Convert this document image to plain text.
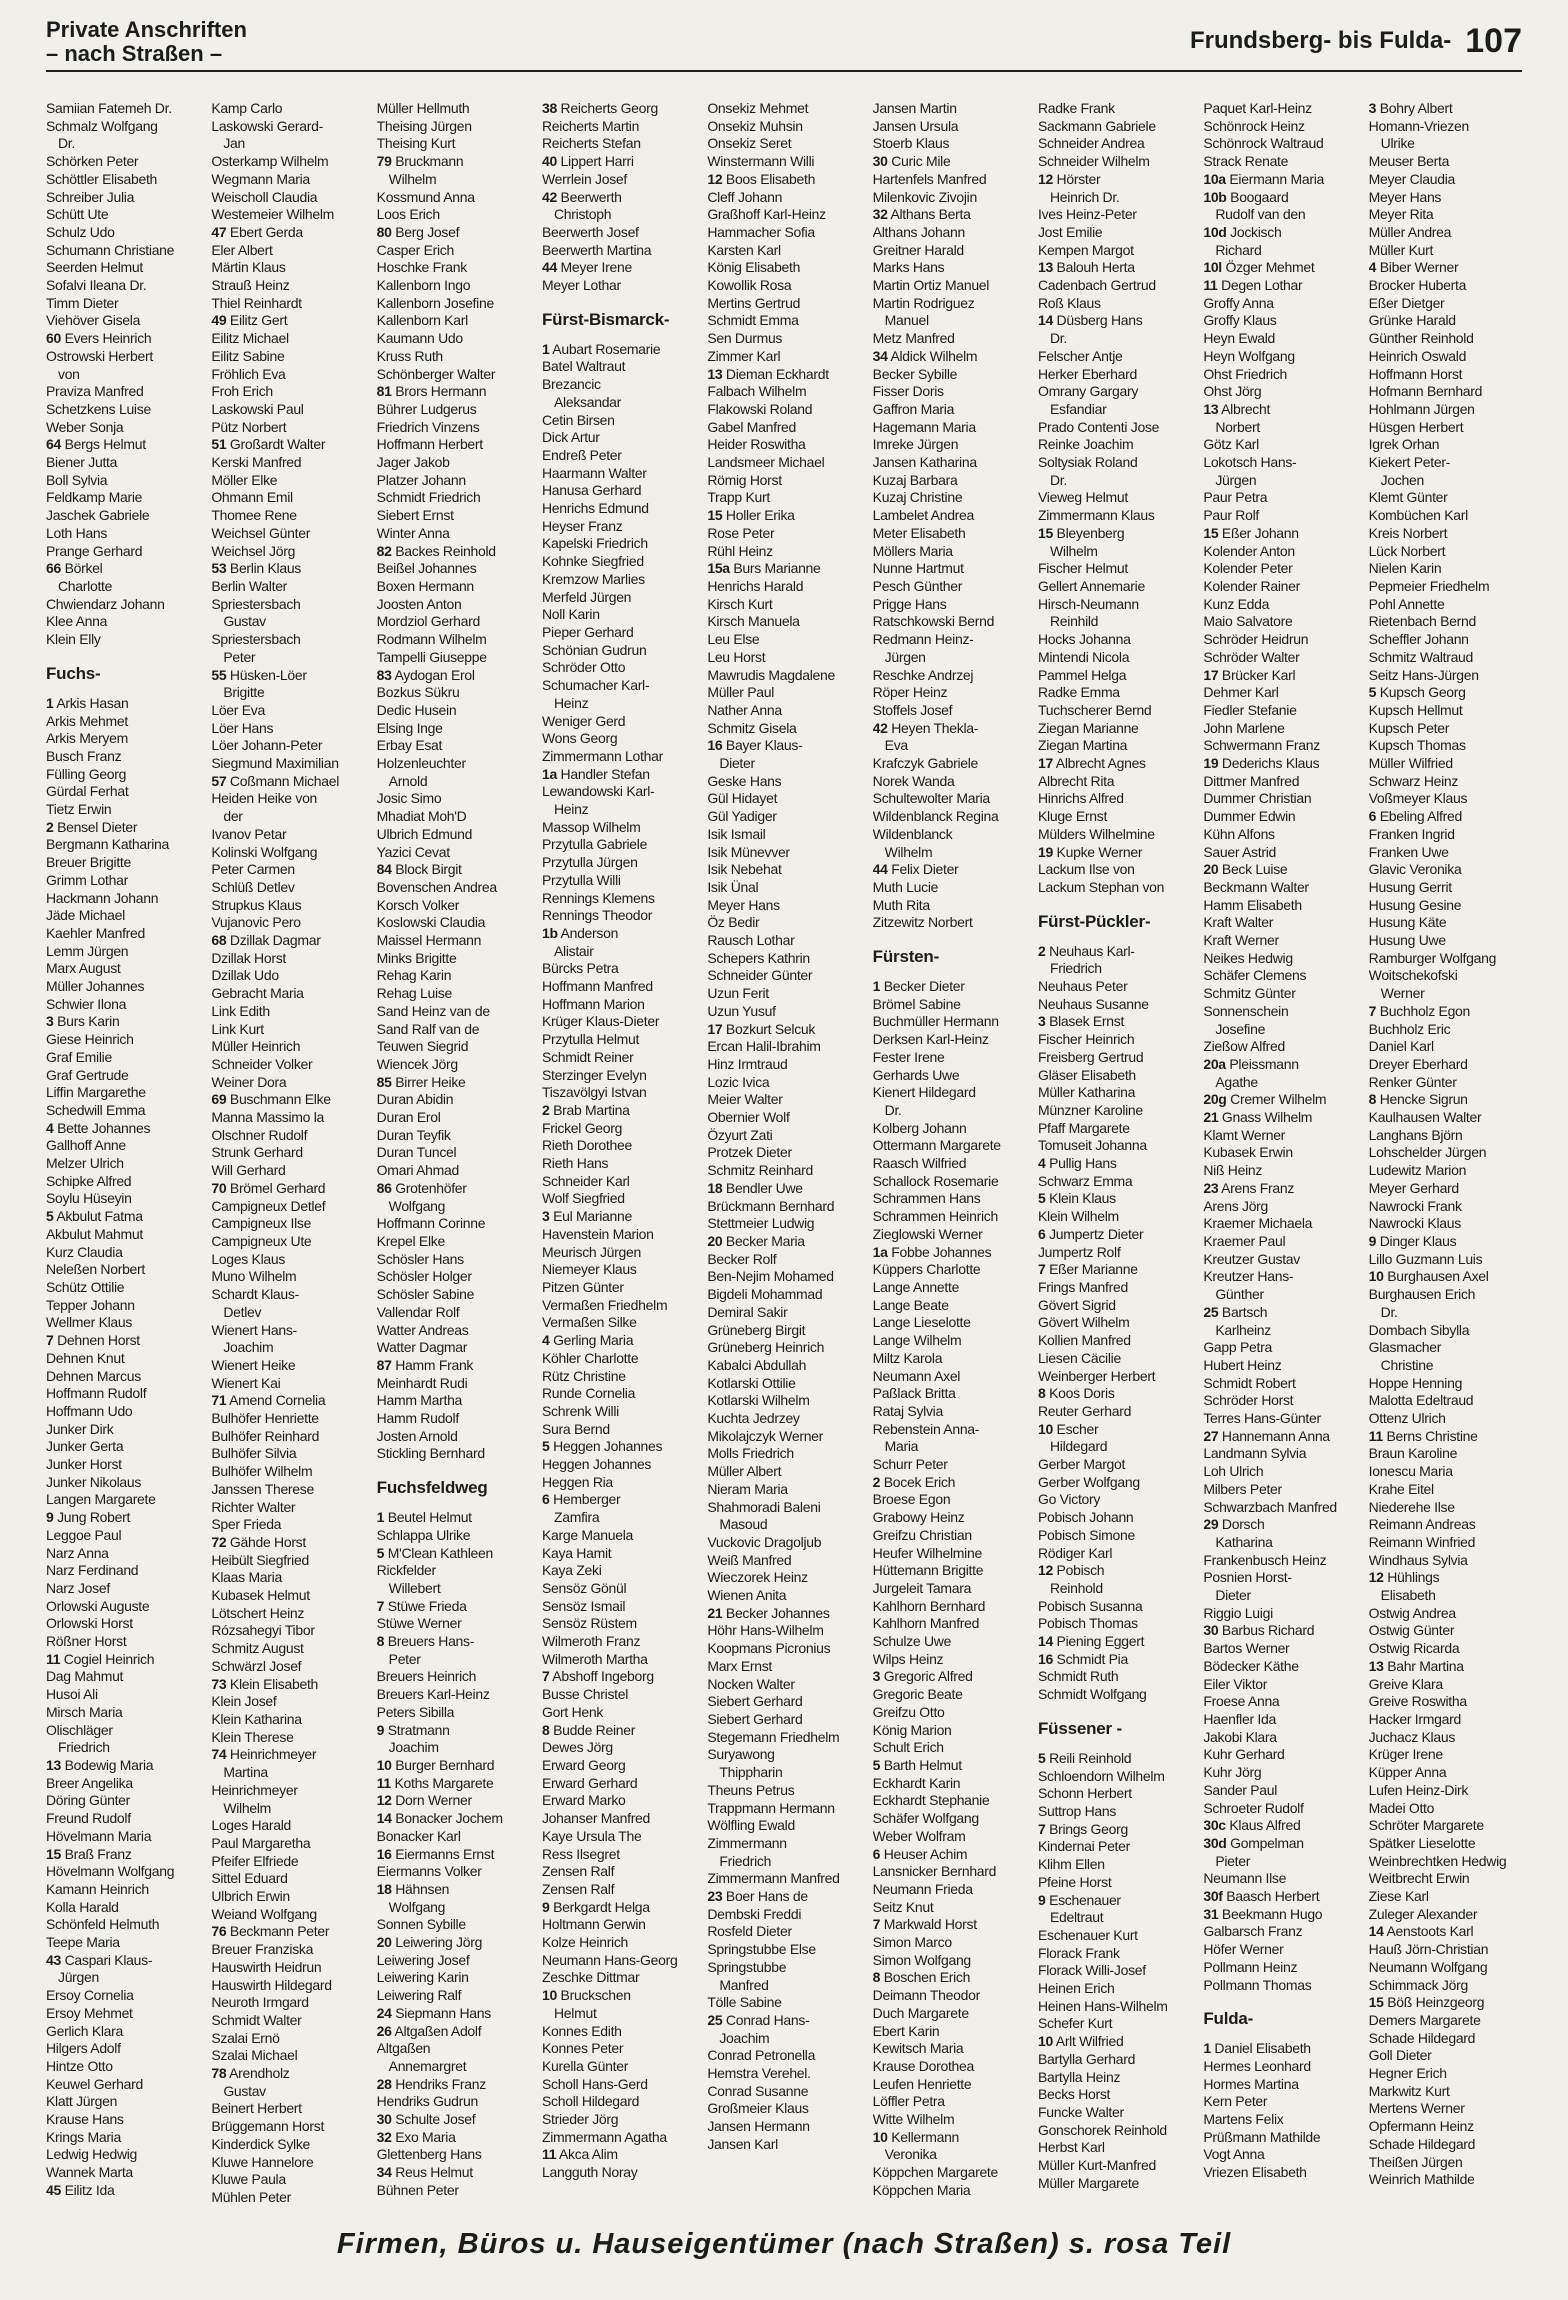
Private Anschriften
– nach Straßen –	Frundsberg- bis Fulda- 107
Samiian Fatemeh Dr.
Schmalz Wolfgang
Dr.
Schörken Peter
Schöttler Elisabeth
Schreiber Julia
Schütt Ute
Schulz Udo
Schumann Christiane
Seerden Helmut
Sofalvi Ileana Dr.
Timm Dieter
Viehöver Gisela
60 Evers Heinrich
Ostrowski Herbert
von
Praviza Manfred
Schetzkens Luise
Weber Sonja
64 Bergs Helmut
Biener Jutta
Boll Sylvia
Feldkamp Marie
Jaschek Gabriele
Loth Hans
Prange Gerhard
66 Börkel
Charlotte
Chwiendarz Johann
Klee Anna
Klein Elly
Fuchs-
1 Arkis Hasan
Arkis Mehmet
Arkis Meryem
Busch Franz
Fülling Georg
Gürdal Ferhat
Tietz Erwin
2 Bensel Dieter
Bergmann Katharina
Breuer Brigitte
Grimm Lothar
Hackmann Johann
Jäde Michael
Kaehler Manfred
Lemm Jürgen
Marx August
Müller Johannes
Schwier Ilona
3 Burs Karin
Giese Heinrich
Graf Emilie
Graf Gertrude
Liffin Margarethe
Schedwill Emma
4 Bette Johannes
Gallhoff Anne
Melzer Ulrich
Schipke Alfred
Soylu Hüseyin
5 Akbulut Fatma
Akbulut Mahmut
Kurz Claudia
Neleßen Norbert
Schütz Ottilie
Tepper Johann
Wellmer Klaus
7 Dehnen Horst
Dehnen Knut
Dehnen Marcus
Hoffmann Rudolf
Hoffmann Udo
Junker Dirk
Junker Gerta
Junker Horst
Junker Nikolaus
Langen Margarete
9 Jung Robert
Leggoe Paul
Narz Anna
Narz Ferdinand
Narz Josef
Orlowski Auguste
Orlowski Horst
Rößner Horst
11 Cogiel Heinrich
Dag Mahmut
Husoi Ali
Mirsch Maria
Olischläger
Friedrich
13 Bodewig Maria
Breer Angelika
Döring Günter
Freund Rudolf
Hövelmann Maria
15 Braß Franz
Hövelmann Wolfgang
Kamann Heinrich
Kolla Harald
Schönfeld Helmuth
Teepe Maria
43 Caspari Klaus-
Jürgen
Ersoy Cornelia
Ersoy Mehmet
Gerlich Klara
Hilgers Adolf
Hintze Otto
Keuwel Gerhard
Klatt Jürgen
Krause Hans
Krings Maria
Ledwig Hedwig
Wannek Marta
45 Eilitz Ida
Kamp Carlo
Laskowski Gerard-
Jan
Osterkamp Wilhelm
Wegmann Maria
Weischoll Claudia
Westemeier Wilhelm
47 Ebert Gerda
Eler Albert
Märtin Klaus
Strauß Heinz
Thiel Reinhardt
49 Eilitz Gert
Eilitz Michael
Eilitz Sabine
Fröhlich Eva
Froh Erich
Laskowski Paul
Pütz Norbert
51 Großardt Walter
Kerski Manfred
Möller Elke
Ohmann Emil
Thomee Rene
Weichsel Günter
Weichsel Jörg
53 Berlin Klaus
Berlin Walter
Spriestersbach
Gustav
Spriestersbach
Peter
55 Hüsken-Löer
Brigitte
Löer Eva
Löer Hans
Löer Johann-Peter
Siegmund Maximilian
57 Coßmann Michael
Heiden Heike von
der
Ivanov Petar
Kolinski Wolfgang
Peter Carmen
Schlüß Detlev
Strupkus Klaus
Vujanovic Pero
68 Dzillak Dagmar
Dzillak Horst
Dzillak Udo
Gebracht Maria
Link Edith
Link Kurt
Müller Heinrich
Schneider Volker
Weiner Dora
69 Buschmann Elke
Manna Massimo la
Olschner Rudolf
Strunk Gerhard
Will Gerhard
70 Brömel Gerhard
Campigneux Detlef
Campigneux Ilse
Campigneux Ute
Loges Klaus
Muno Wilhelm
Schardt Klaus-
Detlev
Wienert Hans-
Joachim
Wienert Heike
Wienert Kai
71 Amend Cornelia
Bulhöfer Henriette
Bulhöfer Reinhard
Bulhöfer Silvia
Bulhöfer Wilhelm
Janssen Therese
Richter Walter
Sper Frieda
72 Gähde Horst
Heibült Siegfried
Klaas Maria
Kubasek Helmut
Lötschert Heinz
Rózsahegyi Tibor
Schmitz August
Schwärzl Josef
73 Klein Elisabeth
Klein Josef
Klein Katharina
Klein Therese
74 Heinrichmeyer
Martina
Heinrichmeyer
Wilhelm
Loges Harald
Paul Margaretha
Pfeifer Elfriede
Sittel Eduard
Ulbrich Erwin
Weiand Wolfgang
76 Beckmann Peter
Breuer Franziska
Hauswirth Heidrun
Hauswirth Hildegard
Neuroth Irmgard
Schmidt Walter
Szalai Ernö
Szalai Michael
78 Arendholz
Gustav
Beinert Herbert
Brüggemann Horst
Kinderdick Sylke
Kluwe Hannelore
Kluwe Paula
Mühlen Peter
Müller Hellmuth
Theising Jürgen
Theising Kurt
79 Bruckmann
Wilhelm
Kossmund Anna
Loos Erich
80 Berg Josef
Casper Erich
Hoschke Frank
Kallenborn Ingo
Kallenborn Josefine
Kallenborn Karl
Kaumann Udo
Kruss Ruth
Schönberger Walter
81 Brors Hermann
Bührer Ludgerus
Friedrich Vinzens
Hoffmann Herbert
Jager Jakob
Platzer Johann
Schmidt Friedrich
Siebert Ernst
Winter Anna
82 Backes Reinhold
Beißel Johannes
Boxen Hermann
Joosten Anton
Mordziol Gerhard
Rodmann Wilhelm
Tampelli Giuseppe
83 Aydogan Erol
Bozkus Sükru
Dedic Husein
Elsing Inge
Erbay Esat
Holzenleuchter
Arnold
Josic Simo
Mhadiat Moh'D
Ulbrich Edmund
Yazici Cevat
84 Block Birgit
Bovenschen Andrea
Korsch Volker
Koslowski Claudia
Maissel Hermann
Minks Brigitte
Rehag Karin
Rehag Luise
Sand Heinz van de
Sand Ralf van de
Teuwen Siegrid
Wiencek Jörg
85 Birrer Heike
Duran Abidin
Duran Erol
Duran Teyfik
Duran Tuncel
Omari Ahmad
86 Grotenhöfer
Wolfgang
Hoffmann Corinne
Krepel Elke
Schösler Hans
Schösler Holger
Schösler Sabine
Vallendar Rolf
Watter Andreas
Watter Dagmar
87 Hamm Frank
Meinhardt Rudi
Hamm Martha
Hamm Rudolf
Josten Arnold
Stickling Bernhard
Fuchsfeldweg
1 Beutel Helmut
Schlappa Ulrike
5 M'Clean Kathleen
Rickfelder
Willebert
7 Stüwe Frieda
Stüwe Werner
8 Breuers Hans-
Peter
Breuers Heinrich
Breuers Karl-Heinz
Peters Sibilla
9 Stratmann
Joachim
10 Burger Bernhard
11 Koths Margarete
12 Dorn Werner
14 Bonacker Jochem
Bonacker Karl
16 Eiermanns Ernst
Eiermanns Volker
18 Hähnsen
Wolfgang
Sonnen Sybille
20 Leiwering Jörg
Leiwering Josef
Leiwering Karin
Leiwering Ralf
24 Siepmann Hans
26 Altgaßen Adolf
Altgaßen
Annemargret
28 Hendriks Franz
Hendriks Gudrun
30 Schulte Josef
32 Exo Maria
Glettenberg Hans
34 Reus Helmut
Bühnen Peter
38 Reicherts Georg
Reicherts Martin
Reicherts Stefan
40 Lippert Harri
Werrlein Josef
42 Beerwerth
Christoph
Beerwerth Josef
Beerwerth Martina
44 Meyer Irene
Meyer Lothar
Fürst-Bismarck-
1 Aubart Rosemarie
Batel Waltraut
Brezancic
Aleksandar
Cetin Birsen
Dick Artur
Endreß Peter
Haarmann Walter
Hanusa Gerhard
Henrichs Edmund
Heyser Franz
Kapelski Friedrich
Kohnke Siegfried
Kremzow Marlies
Merfeld Jürgen
Noll Karin
Pieper Gerhard
Schönian Gudrun
Schröder Otto
Schumacher Karl-
Heinz
Weniger Gerd
Wons Georg
Zimmermann Lothar
1a Handler Stefan
Lewandowski Karl-
Heinz
Massop Wilhelm
Przytulla Gabriele
Przytulla Jürgen
Przytulla Willi
Rennings Klemens
Rennings Theodor
1b Anderson
Alistair
Bürcks Petra
Hoffmann Manfred
Hoffmann Marion
Krüger Klaus-Dieter
Przytulla Helmut
Schmidt Reiner
Sterzinger Evelyn
Tiszavölgyi Istvan
2 Brab Martina
Frickel Georg
Rieth Dorothee
Rieth Hans
Schneider Karl
Wolf Siegfried
3 Eul Marianne
Havenstein Marion
Meurisch Jürgen
Niemeyer Klaus
Pitzen Günter
Vermaßen Friedhelm
Vermaßen Silke
4 Gerling Maria
Köhler Charlotte
Rütz Christine
Runde Cornelia
Schrenk Willi
Sura Bernd
5 Heggen Johannes
Heggen Johannes
Heggen Ria
6 Hemberger
Zamfira
Karge Manuela
Kaya Hamit
Kaya Zeki
Sensöz Gönül
Sensöz Ismail
Sensöz Rüstem
Wilmeroth Franz
Wilmeroth Martha
7 Abshoff Ingeborg
Busse Christel
Gort Henk
8 Budde Reiner
Dewes Jörg
Erward Georg
Erward Gerhard
Erward Marko
Johanser Manfred
Kaye Ursula The
Ress Ilsegret
Zensen Ralf
Zensen Ralf
9 Berkgardt Helga
Holtmann Gerwin
Kolze Heinrich
Neumann Hans-Georg
Zeschke Dittmar
10 Bruckschen
Helmut
Konnes Edith
Konnes Peter
Kurella Günter
Scholl Hans-Gerd
Scholl Hildegard
Strieder Jörg
Zimmermann Agatha
11 Akca Alim
Langguth Noray
Onsekiz Mehmet
Onsekiz Muhsin
Onsekiz Seret
Winstermann Willi
12 Boos Elisabeth
Cleff Johann
Graßhoff Karl-Heinz
Hammacher Sofia
Karsten Karl
König Elisabeth
Kowollik Rosa
Mertins Gertrud
Schmidt Emma
Sen Durmus
Zimmer Karl
13 Dieman Eckhardt
Falbach Wilhelm
Flakowski Roland
Gabel Manfred
Heider Roswitha
Landsmeer Michael
Römig Horst
Trapp Kurt
15 Holler Erika
Rose Peter
Rühl Heinz
15a Burs Marianne
Henrichs Harald
Kirsch Kurt
Kirsch Manuela
Leu Else
Leu Horst
Mawrudis Magdalene
Müller Paul
Nather Anna
Schmitz Gisela
16 Bayer Klaus-
Dieter
Geske Hans
Gül Hidayet
Gül Yadiger
Isik Ismail
Isik Münevver
Isik Nebehat
Isik Ünal
Meyer Hans
Öz Bedir
Rausch Lothar
Schepers Kathrin
Schneider Günter
Uzun Ferit
Uzun Yusuf
17 Bozkurt Selcuk
Ercan Halil-Ibrahim
Hinz Irmtraud
Lozic Ivica
Meier Walter
Obernier Wolf
Özyurt Zati
Protzek Dieter
Schmitz Reinhard
18 Bendler Uwe
Brückmann Bernhard
Stettmeier Ludwig
20 Becker Maria
Becker Rolf
Ben-Nejim Mohamed
Bigdeli Mohammad
Demiral Sakir
Grüneberg Birgit
Grüneberg Heinrich
Kabalci Abdullah
Kotlarski Ottilie
Kotlarski Wilhelm
Kuchta Jedrzey
Mikolajczyk Werner
Molls Friedrich
Müller Albert
Nieram Maria
Shahmoradi Baleni
Masoud
Vuckovic Dragoljub
Weiß Manfred
Wieczorek Heinz
Wienen Anita
21 Becker Johannes
Höhr Hans-Wilhelm
Koopmans Picronius
Marx Ernst
Nocken Walter
Siebert Gerhard
Siebert Gerhard
Stegemann Friedhelm
Suryawong
Thippharin
Theuns Petrus
Trappmann Hermann
Wölfling Ewald
Zimmermann
Friedrich
Zimmermann Manfred
23 Boer Hans de
Dembski Freddi
Rosfeld Dieter
Springstubbe Else
Springstubbe
Manfred
Tölle Sabine
25 Conrad Hans-
Joachim
Conrad Petronella
Hemstra Verehel.
Conrad Susanne
Großmeier Klaus
Jansen Hermann
Jansen Karl
Jansen Martin
Jansen Ursula
Stoerb Klaus
30 Curic Mile
Hartenfels Manfred
Milenkovic Zivojin
32 Althans Berta
Althans Johann
Greitner Harald
Marks Hans
Martin Ortiz Manuel
Martin Rodriguez
Manuel
Metz Manfred
34 Aldick Wilhelm
Becker Sybille
Fisser Doris
Gaffron Maria
Hagemann Maria
Imreke Jürgen
Jansen Katharina
Kuzaj Barbara
Kuzaj Christine
Lambelet Andrea
Meter Elisabeth
Möllers Maria
Nunne Hartmut
Pesch Günther
Prigge Hans
Ratschkowski Bernd
Redmann Heinz-
Jürgen
Reschke Andrzej
Röper Heinz
Stoffels Josef
42 Heyen Thekla-
Eva
Krafczyk Gabriele
Norek Wanda
Schultewolter Maria
Wildenblanck Regina
Wildenblanck
Wilhelm
44 Felix Dieter
Muth Lucie
Muth Rita
Zitzewitz Norbert
Fürsten-
1 Becker Dieter
Brömel Sabine
Buchmüller Hermann
Derksen Karl-Heinz
Fester Irene
Gerhards Uwe
Kienert Hildegard
Dr.
Kolberg Johann
Ottermann Margarete
Raasch Wilfried
Schallock Rosemarie
Schrammen Hans
Schrammen Heinrich
Zieglowski Werner
1a Fobbe Johannes
Küppers Charlotte
Lange Annette
Lange Beate
Lange Lieselotte
Lange Wilhelm
Miltz Karola
Neumann Axel
Paßlack Britta
Rataj Sylvia
Rebenstein Anna-
Maria
Schurr Peter
2 Bocek Erich
Broese Egon
Grabowy Heinz
Greifzu Christian
Heufer Wilhelmine
Hüttemann Brigitte
Jurgeleit Tamara
Kahlhorn Bernhard
Kahlhorn Manfred
Schulze Uwe
Wilps Heinz
3 Gregoric Alfred
Gregoric Beate
Greifzu Otto
König Marion
Schult Erich
5 Barth Helmut
Eckhardt Karin
Eckhardt Stephanie
Schäfer Wolfgang
Weber Wolfram
6 Heuser Achim
Lansnicker Bernhard
Neumann Frieda
Seitz Knut
7 Markwald Horst
Simon Marco
Simon Wolfgang
8 Boschen Erich
Deimann Theodor
Duch Margarete
Ebert Karin
Kewitsch Maria
Krause Dorothea
Leufen Henriette
Löffler Petra
Witte Wilhelm
10 Kellermann
Veronika
Köppchen Margarete
Köppchen Maria
Radke Frank
Sackmann Gabriele
Schneider Andrea
Schneider Wilhelm
12 Hörster
Heinrich Dr.
Ives Heinz-Peter
Jost Emilie
Kempen Margot
13 Balouh Herta
Cadenbach Gertrud
Roß Klaus
14 Düsberg Hans
Dr.
Felscher Antje
Herker Eberhard
Omrany Gargary
Esfandiar
Prado Contenti Jose
Reinke Joachim
Soltysiak Roland
Dr.
Vieweg Helmut
Zimmermann Klaus
15 Bleyenberg
Wilhelm
Fischer Helmut
Gellert Annemarie
Hirsch-Neumann
Reinhild
Hocks Johanna
Mintendi Nicola
Pammel Helga
Radke Emma
Tuchscherer Bernd
Ziegan Marianne
Ziegan Martina
17 Albrecht Agnes
Albrecht Rita
Hinrichs Alfred
Kluge Ernst
Mülders Wilhelmine
19 Kupke Werner
Lackum Ilse von
Lackum Stephan von
Fürst-Pückler-
2 Neuhaus Karl-
Friedrich
Neuhaus Peter
Neuhaus Susanne
3 Blasek Ernst
Fischer Heinrich
Freisberg Gertrud
Gläser Elisabeth
Müller Katharina
Münzner Karoline
Pfaff Margarete
Tomuseit Johanna
4 Pullig Hans
Schwarz Emma
5 Klein Klaus
Klein Wilhelm
6 Jumpertz Dieter
Jumpertz Rolf
7 Eßer Marianne
Frings Manfred
Gövert Sigrid
Gövert Wilhelm
Kollien Manfred
Liesen Cäcilie
Weinberger Herbert
8 Koos Doris
Reuter Gerhard
10 Escher
Hildegard
Gerber Margot
Gerber Wolfgang
Go Victory
Pobisch Johann
Pobisch Simone
Rödiger Karl
12 Pobisch
Reinhold
Pobisch Susanna
Pobisch Thomas
14 Piening Eggert
16 Schmidt Pia
Schmidt Ruth
Schmidt Wolfgang
Füssener -
5 Reili Reinhold
Schloendorn Wilhelm
Schonn Herbert
Suttrop Hans
7 Brings Georg
Kindernai Peter
Klihm Ellen
Pfeine Horst
9 Eschenauer
Edeltraut
Eschenauer Kurt
Florack Frank
Florack Willi-Josef
Heinen Erich
Heinen Hans-Wilhelm
Schefer Kurt
10 Arlt Wilfried
Bartylla Gerhard
Bartylla Heinz
Becks Horst
Funcke Walter
Gonschorek Reinhold
Herbst Karl
Müller Kurt-Manfred
Müller Margarete
Paquet Karl-Heinz
Schönrock Heinz
Schönrock Waltraud
Strack Renate
10a Eiermann Maria
10b Boogaard
Rudolf van den
10d Jockisch
Richard
10l Özger Mehmet
11 Degen Lothar
Groffy Anna
Groffy Klaus
Heyn Ewald
Heyn Wolfgang
Ohst Friedrich
Ohst Jörg
13 Albrecht
Norbert
Götz Karl
Lokotsch Hans-
Jürgen
Paur Petra
Paur Rolf
15 Eßer Johann
Kolender Anton
Kolender Peter
Kolender Rainer
Kunz Edda
Maio Salvatore
Schröder Heidrun
Schröder Walter
17 Brücker Karl
Dehmer Karl
Fiedler Stefanie
John Marlene
Schwermann Franz
19 Dederichs Klaus
Dittmer Manfred
Dummer Christian
Dummer Edwin
Kühn Alfons
Sauer Astrid
20 Beck Luise
Beckmann Walter
Hamm Elisabeth
Kraft Walter
Kraft Werner
Neikes Hedwig
Schäfer Clemens
Schmitz Günter
Sonnenschein
Josefine
Zießow Alfred
20a Pleissmann
Agathe
20g Cremer Wilhelm
21 Gnass Wilhelm
Klamt Werner
Kubasek Erwin
Niß Heinz
23 Arens Franz
Arens Jörg
Kraemer Michaela
Kraemer Paul
Kreutzer Gustav
Kreutzer Hans-
Günther
25 Bartsch
Karlheinz
Gapp Petra
Hubert Heinz
Schmidt Robert
Schröder Horst
Terres Hans-Günter
27 Hannemann Anna
Landmann Sylvia
Loh Ulrich
Milbers Peter
Schwarzbach Manfred
29 Dorsch
Katharina
Frankenbusch Heinz
Posnien Horst-
Dieter
Riggio Luigi
30 Barbus Richard
Bartos Werner
Bödecker Käthe
Eiler Viktor
Froese Anna
Haenfler Ida
Jakobi Klara
Kuhr Gerhard
Kuhr Jörg
Sander Paul
Schroeter Rudolf
30c Klaus Alfred
30d Gompelman
Pieter
Neumann Ilse
30f Baasch Herbert
31 Beekmann Hugo
Galbarsch Franz
Höfer Werner
Pollmann Heinz
Pollmann Thomas
Fulda-
1 Daniel Elisabeth
Hermes Leonhard
Hormes Martina
Kern Peter
Martens Felix
Prüßmann Mathilde
Vogt Anna
Vriezen Elisabeth
3 Bohry Albert
Homann-Vriezen
Ulrike
Meuser Berta
Meyer Claudia
Meyer Hans
Meyer Rita
Müller Andrea
Müller Kurt
4 Biber Werner
Brocker Huberta
Eßer Dietger
Grünke Harald
Günther Reinhold
Heinrich Oswald
Hoffmann Horst
Hofmann Bernhard
Hohlmann Jürgen
Hüsgen Herbert
Igrek Orhan
Kiekert Peter-
Jochen
Klemt Günter
Kombüchen Karl
Kreis Norbert
Lück Norbert
Nielen Karin
Pepmeier Friedhelm
Pohl Annette
Rietenbach Bernd
Scheffler Johann
Schmitz Waltraud
Seitz Hans-Jürgen
5 Kupsch Georg
Kupsch Hellmut
Kupsch Peter
Kupsch Thomas
Müller Wilfried
Schwarz Heinz
Voßmeyer Klaus
6 Ebeling Alfred
Franken Ingrid
Franken Uwe
Glavic Veronika
Husung Gerrit
Husung Gesine
Husung Käte
Husung Uwe
Ramburger Wolfgang
Woitschekofski
Werner
7 Buchholz Egon
Buchholz Eric
Daniel Karl
Dreyer Eberhard
Renker Günter
8 Hencke Sigrun
Kaulhausen Walter
Langhans Björn
Lohschelder Jürgen
Ludewitz Marion
Meyer Gerhard
Nawrocki Frank
Nawrocki Klaus
9 Dinger Klaus
Lillo Guzmann Luis
10 Burghausen Axel
Burghausen Erich
Dr.
Dombach Sibylla
Glasmacher
Christine
Hoppe Henning
Malotta Edeltraud
Ottenz Ulrich
11 Berns Christine
Braun Karoline
Ionescu Maria
Krahe Eitel
Niederehe Ilse
Reimann Andreas
Reimann Winfried
Windhaus Sylvia
12 Hühlings
Elisabeth
Ostwig Andrea
Ostwig Günter
Ostwig Ricarda
13 Bahr Martina
Greive Klara
Greive Roswitha
Hacker Irmgard
Juchacz Klaus
Krüger Irene
Küpper Anna
Lufen Heinz-Dirk
Madei Otto
Schröter Margarete
Spätker Lieselotte
Weinbrechtken Hedwig
Weitbrecht Erwin
Ziese Karl
Zuleger Alexander
14 Aenstoots Karl
Hauß Jörn-Christian
Neumann Wolfgang
Schimmack Jörg
15 Böß Heinzgeorg
Demers Margarete
Schade Hildegard
Goll Dieter
Hegner Erich
Markwitz Kurt
Mertens Werner
Opfermann Heinz
Schade Hildegard
Theißen Jürgen
Weinrich Mathilde
Firmen, Büros u. Hauseigentümer (nach Straßen) s. rosa Teil
